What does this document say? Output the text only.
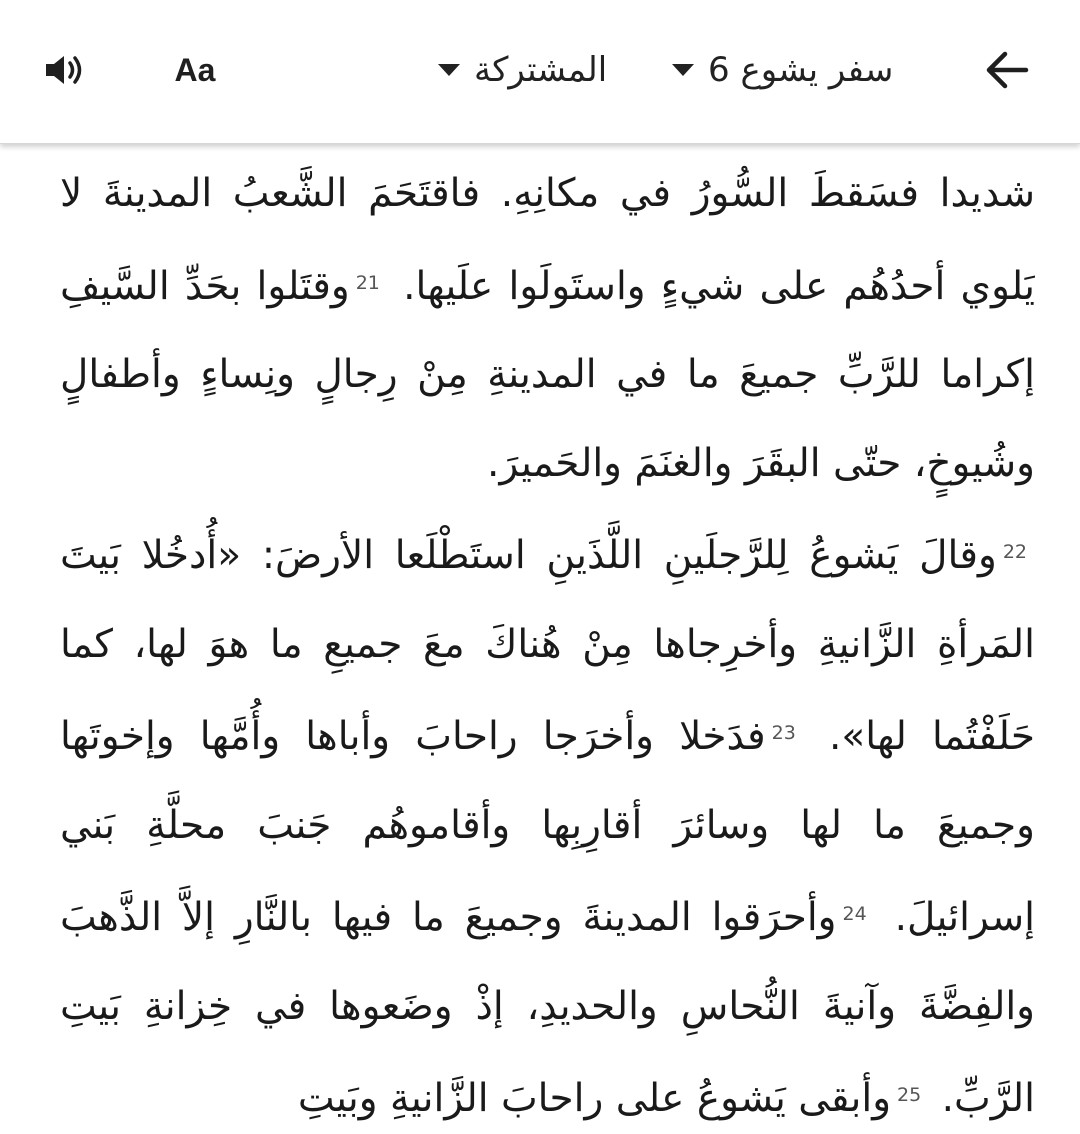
سفر يشوع 6
المشتركة
Aa

شديدا فسَقطَ السُّورُ في مكانِهِ. فاقتَحَمَ الشَّعبُ المدينةَ لا يَلوي أحدُهُم على شيءٍ واستَولَوا علَيها. $^{21}$وقتَلوا بحَدِّ السَّيفِ إكراما للرَّبِّ جميعَ ما في المدينةِ مِنْ رِجالٍ ونِساءٍ وأطفالٍ وشُيوخٍ، حتّى البقَرَ والغنَمَ والحَميرَ.

$^{22}$وقالَ يَشوعُ لِلرَّجلَينِ اللَّذَينِ استَطْلَعا الأرضَ: «أُدخُلا بَيتَ المَرأةِ الزَّانيةِ وأخرِجاها مِنْ هُناكَ معَ جميعِ ما هوَ لها، كما حَلَفْتُما لها». $^{23}$فدَخلا وأخرَجا راحابَ وأباها وأُمَّها وإخوتَها وجميعَ ما لها وسائرَ أقارِبِها وأقاموهُم جَنبَ محلَّةِ بَني إسرائيلَ. $^{24}$وأحرَقوا المدينةَ وجميعَ ما فيها بالنَّارِ إلاَّ الذَّهبَ والفِضَّةَ وآنيةَ النُّحاسِ والحديدِ، إذْ وضَعوها في خِزانةِ بَيتِ الرَّبِّ. $^{25}$وأبقى يَشوعُ على راحابَ الزَّانيةِ وبَيتِ
